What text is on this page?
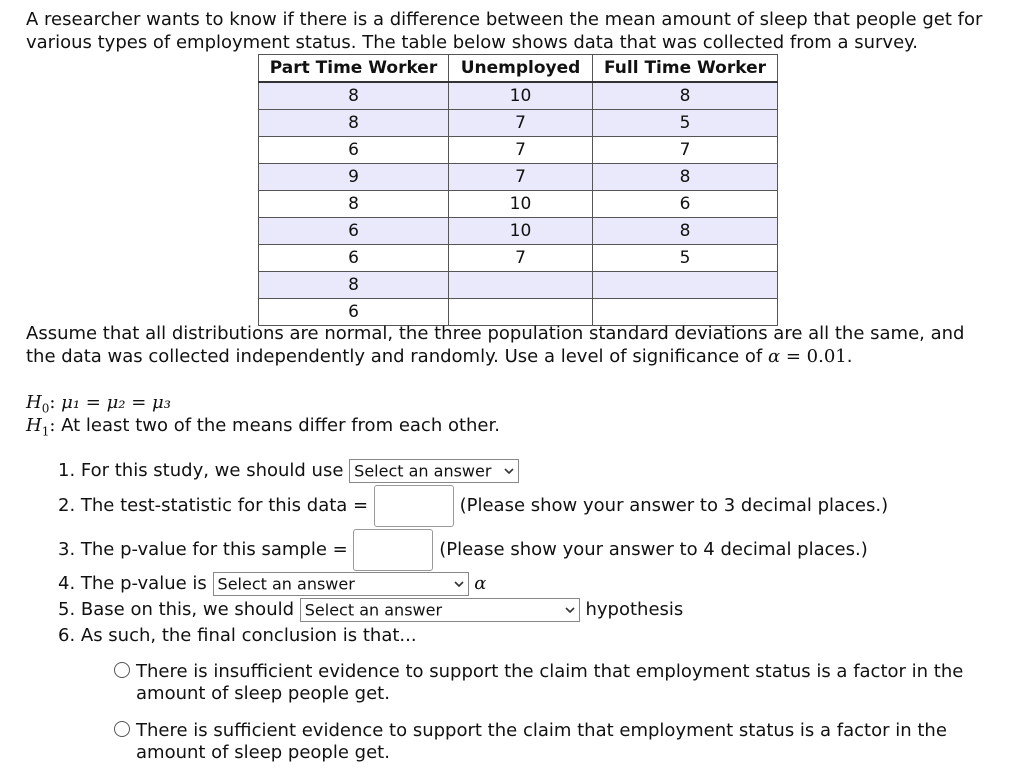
A researcher wants to know if there is a difference between the mean amount of sleep that people get for

various types of employment status. The table below shows data that was collected from a survey.

Part Time Worker	Unemployed	Full Time Worker
8	10	8
8	7	5
6	7	7
9	7	8
8	10	6
6	10	8
6	7	5
8		
6		

Assume that all distributions are normal, the three population standard deviations are all the same, and

the data was collected independently and randomly. Use a level of significance of α = 0.01.

$H_0$: μ₁ = μ₂ = μ₃
$H_1$: At least two of the means differ from each other.
1. For this study, we should use Select an answer
2. The test-statistic for this data =	(Please show your answer to 3 decimal places.)
3. The p-value for this sample =	(Please show your answer to 4 decimal places.)
4. The p-value is Select an answer	α
5. Base on this, we should Select an answer	hypothesis
6. As such, the final conclusion is that...
There is insufficient evidence to support the claim that employment status is a factor in the
amount of sleep people get.
There is sufficient evidence to support the claim that employment status is a factor in the
amount of sleep people get.
